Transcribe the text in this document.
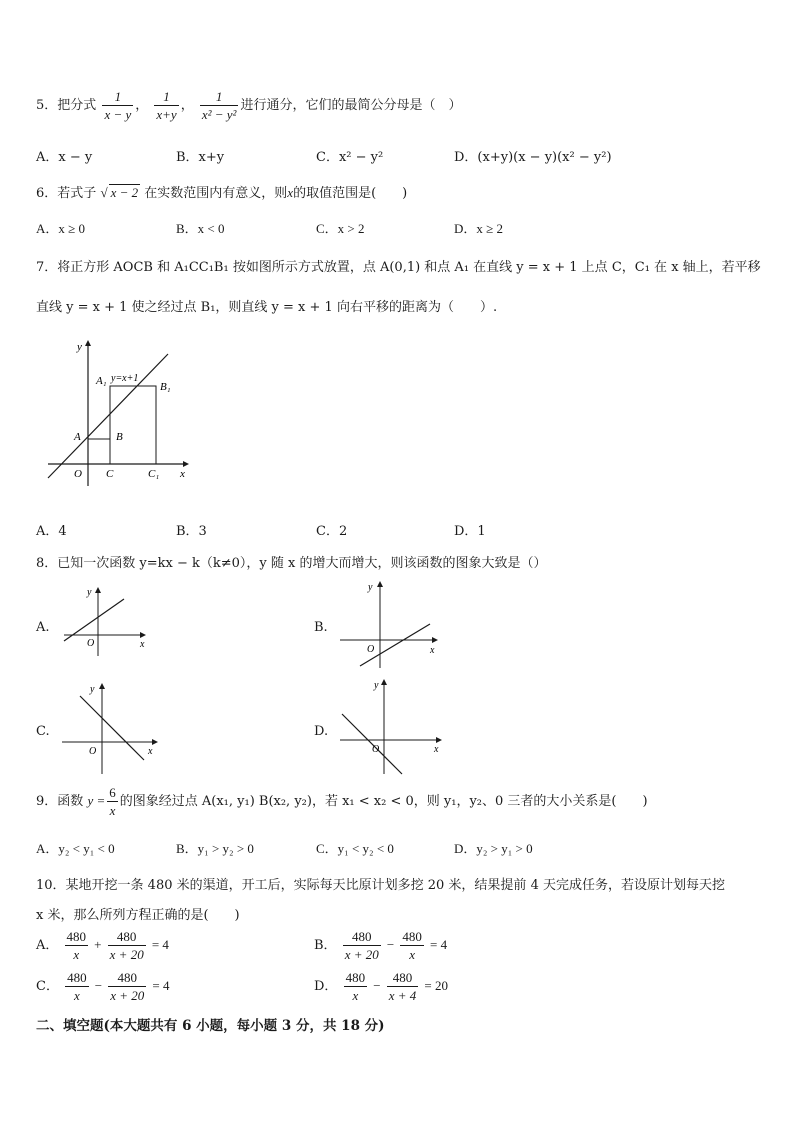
5．把分式 $\frac{1}{x - y}$ ， $\frac{1}{x+y}$ ， $\frac{1}{\text{x² − y²}}$ 进行通分，它们的最简公分母是（　）
A．x − y	B．x+y	C．x² − y²	D．(x+y)(x − y)(x² − y²)
6．若式子 √ x − 2 在实数范围内有意义，则x的取值范围是(　　)
A．x ≥ 0	B．x < 0	C．x > 2	D．x ≥ 2
7．将正方形 AOCB 和 A₁CC₁B₁ 按如图所示方式放置，点 A(0,1) 和点 A₁ 在直线 y = x + 1 上点 C，C₁ 在 x 轴上，若平移
直线 y = x + 1 使之经过点 B₁，则直线 y = x + 1 向右平移的距离为（　　）.
y
x
O C	C₁
A
A₁
B
B₁
y=x+1
A．4	B．3	C．2	D．1
8．已知一次函数 y=kx − k（k≠0），y 随 x 的增大而增大，则该函数的图象大致是（）
A.
y
x
O
B.
y
x
O
C.
y
x
O
D.
y
x
O
9．函数 $y = \frac{6}{x}$ 的图象经过点 A(x₁, y₁) B(x₂, y₂)，若 x₁ < x₂ < 0，则 y₁，y₂、0 三者的大小关系是(　　)
A．y₂ < y₁ < 0	B．y₁ > y₂ > 0	C．y₁ < y₂ < 0	D．y₂ > y₁ > 0
10．某地开挖一条 480 米的渠道，开工后，实际每天比原计划多挖 20 米，结果提前 4 天完成任务，若设原计划每天挖
x 米，那么所列方程正确的是(　　)
A． $\frac{480}{x} + \frac{480}{x + 20} = 4$	B． $\frac{480}{x + 20} - \frac{480}{x} = 4$
C． $\frac{480}{x} - \frac{480}{x + 20} = 4$	D． $\frac{480}{x} - \frac{480}{x + 4} = 20$
二、填空题(本大题共有 6 小题，每小题 3 分，共 18 分)
